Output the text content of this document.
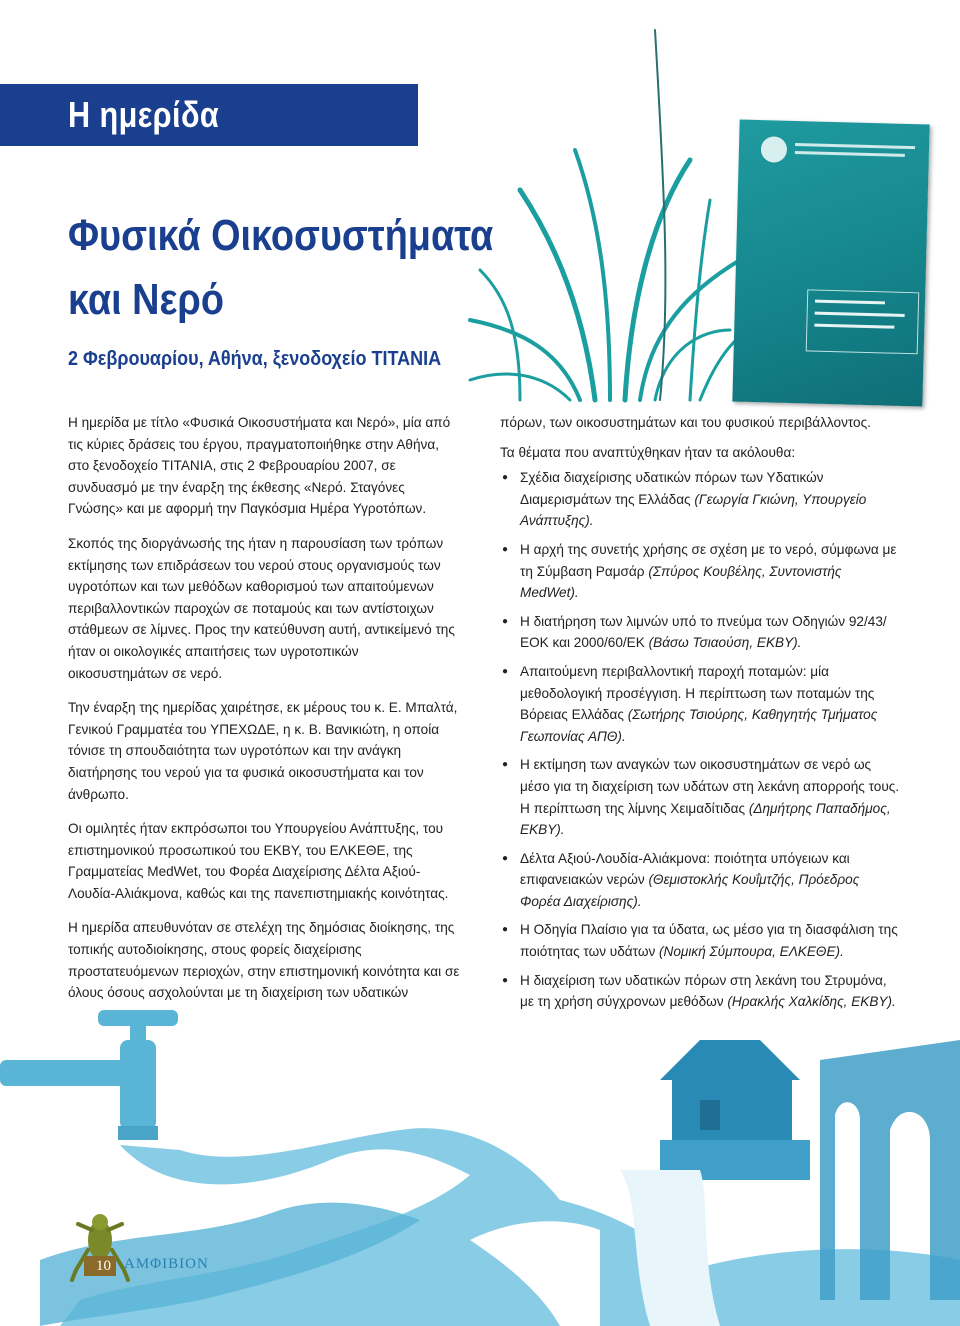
Η ημερίδα
Φυσικά Οικοσυστήματα
και Νερό
2 Φεβρουαρίου, Αθήνα, ξενοδοχείο ΤΙΤΑΝΙΑ

Η ημερίδα με τίτλο «Φυσικά Οικοσυστήματα και Νερό», μία από τις κύριες δράσεις του έργου, πραγματοποιήθηκε στην Αθήνα, στο ξενοδοχείο ΤΙΤΑΝΙΑ, στις 2 Φεβρουαρίου 2007, σε συνδυασμό με την έναρξη της έκθεσης «Νερό. Σταγόνες Γνώσης» και με αφορμή την Παγκόσμια Ημέρα Υγροτόπων.

Σκοπός της διοργάνωσής της ήταν η παρουσίαση των τρόπων εκτίμησης των επιδράσεων του νερού στους οργανισμούς των υγροτόπων και των μεθόδων καθορισμού των απαιτούμενων περιβαλλοντικών παροχών σε ποταμούς και των αντίστοιχων στάθμεων σε λίμνες. Προς την κατεύθυνση αυτή, αντικείμενό της ήταν οι οικολογικές απαιτήσεις των υγροτοπικών οικοσυστημάτων σε νερό.

Την έναρξη της ημερίδας χαιρέτησε, εκ μέρους του κ. Ε. Μπαλτά, Γενικού Γραμματέα του ΥΠΕΧΩΔΕ, η κ. Β. Βανικιώτη, η οποία τόνισε τη σπουδαιότητα των υγροτόπων και την ανάγκη διατήρησης του νερού για τα φυσικά οικοσυστήματα και τον άνθρωπο.

Οι ομιλητές ήταν εκπρόσωποι του Υπουργείου Ανάπτυξης, του επιστημονικού προσωπικού του ΕΚΒΥ, του ΕΛΚΕΘΕ, της Γραμματείας MedWet, του Φορέα Διαχείρισης Δέλτα Αξιού-Λουδία-Αλιάκμονα, καθώς και της πανεπιστημιακής κοινότητας.

Η ημερίδα απευθυνόταν σε στελέχη της δημόσιας διοίκησης, της τοπικής αυτοδιοίκησης, στους φορείς διαχείρισης προστατευόμενων περιοχών, στην επιστημονική κοινότητα και σε όλους όσους ασχολούνται με τη διαχείριση των υδατικών

πόρων, των οικοσυστημάτων και του φυσικού περιβάλλοντος.

Τα θέματα που αναπτύχθηκαν ήταν τα ακόλουθα:

● Σχέδια διαχείρισης υδατικών πόρων των Υδατικών Διαμερισμάτων της Ελλάδας (Γεωργία Γκιώνη, Υπουργείο Ανάπτυξης).
● Η αρχή της συνετής χρήσης σε σχέση με το νερό, σύμφωνα με τη Σύμβαση Ραμσάρ (Σπύρος Κουβέλης, Συντονιστής MedWet).
● Η διατήρηση των λιμνών υπό το πνεύμα των Οδηγιών 92/43/ΕΟΚ και 2000/60/ΕΚ (Βάσω Τσιαούση, ΕΚΒΥ).
● Απαιτούμενη περιβαλλοντική παροχή ποταμών: μία μεθοδολογική προσέγγιση. Η περίπτωση των ποταμών της Βόρειας Ελλάδας (Σωτήρης Τσιούρης, Καθηγητής Τμήματος Γεωπονίας ΑΠΘ).
● Η εκτίμηση των αναγκών των οικοσυστημάτων σε νερό ως μέσο για τη διαχείριση των υδάτων στη λεκάνη απορροής τους. Η περίπτωση της λίμνης Χειμαδίτιδας (Δημήτρης Παπαδήμος, ΕΚΒΥ).
● Δέλτα Αξιού-Λουδία-Αλιάκμονα: ποιότητα υπόγειων και επιφανειακών νερών (Θεμιστοκλής Κουΐμτζής, Πρόεδρος Φορέα Διαχείρισης).
● Η Οδηγία Πλαίσιο για τα ύδατα, ως μέσο για τη διασφάλιση της ποιότητας των υδάτων (Νομική Σύμπουρα, ΕΛΚΕΘΕ).
● Η διαχείριση των υδατικών πόρων στη λεκάνη του Στρυμόνα, με τη χρήση σύγχρονων μεθόδων (Ηρακλής Χαλκίδης, ΕΚΒΥ).
10 ΑΜΦΙΒΙΟΝ
